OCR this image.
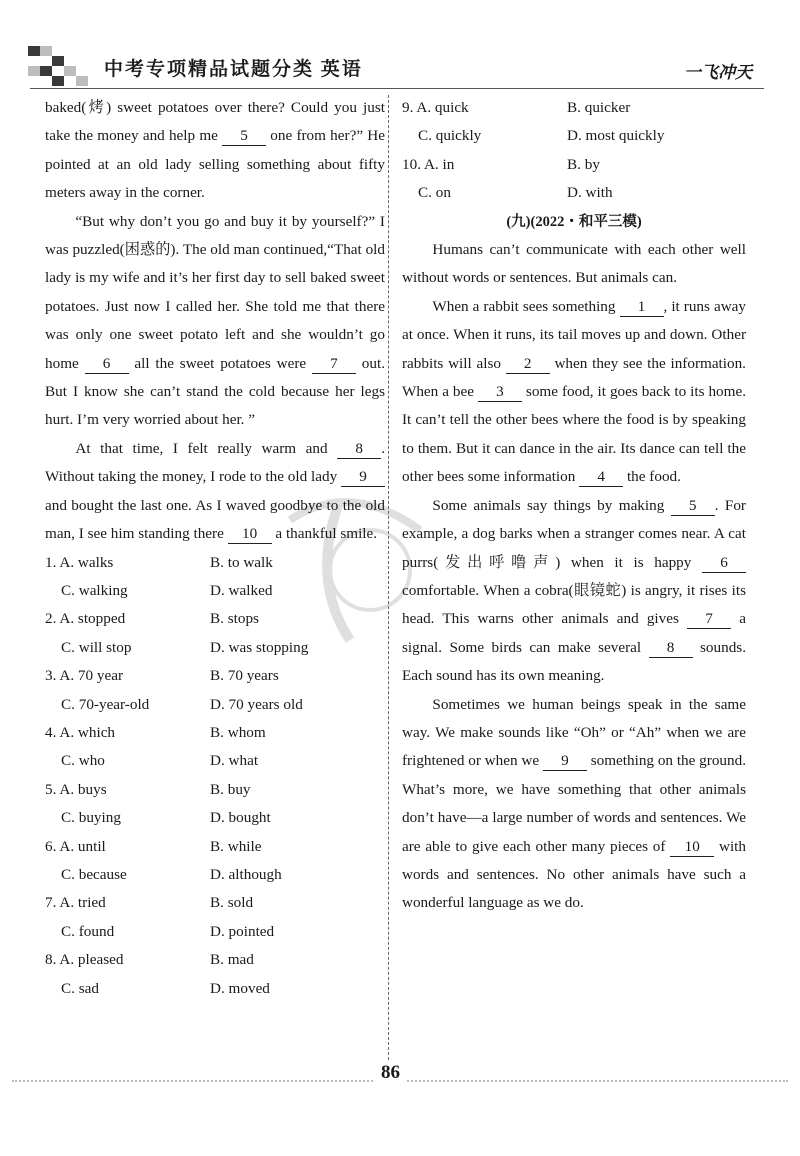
中考专项精品试题分类 英语	一飞冲天

baked(烤) sweet potatoes over there? Could you just take the money and help me 5 one from her?” He pointed at an old lady selling something about fifty meters away in the corner.

“But why don’t you go and buy it by yourself?” I was puzzled(困惑的). The old man continued,“That old lady is my wife and it’s her first day to sell baked sweet potatoes. Just now I called her. She told me that there was only one sweet potato left and she wouldn’t go home 6 all the sweet potatoes were 7 out. But I know she can’t stand the cold because her legs hurt. I’m very worried about her. ”

At that time, I felt really warm and 8 . Without taking the money, I rode to the old lady 9 and bought the last one. As I waved goodbye to the old man, I see him standing there 10 a thankful smile.

1. A. walks	B. to walk
C. walking	D. walked
2. A. stopped	B. stops
C. will stop	D. was stopping
3. A. 70 year	B. 70 years
C. 70-year-old	D. 70 years old
4. A. which	B. whom
C. who	D. what
5. A. buys	B. buy
C. buying	D. bought
6. A. until	B. while
C. because	D. although
7. A. tried	B. sold
C. found	D. pointed
8. A. pleased	B. mad
C. sad	D. moved
9. A. quick	B. quicker
C. quickly	D. most quickly
10. A. in	B. by
C. on	D. with
(九)(2022・和平三模)

Humans can’t communicate with each other well without words or sentences. But animals can.

When a rabbit sees something 1 , it runs away at once. When it runs, its tail moves up and down. Other rabbits will also 2 when they see the information. When a bee 3 some food, it goes back to its home. It can’t tell the other bees where the food is by speaking to them. But it can dance in the air. Its dance can tell the other bees some information 4 the food.

Some animals say things by making 5 . For example, a dog barks when a stranger comes near. A cat purrs(发出呼噜声) when it is happy 6 comfortable. When a cobra(眼镜蛇) is angry, it rises its head. This warns other animals and gives 7 a signal. Some birds can make several 8 sounds. Each sound has its own meaning.

Sometimes we human beings speak in the same way. We make sounds like “Oh” or “Ah” when we are frightened or when we 9 something on the ground. What’s more, we have something that other animals don’t have—a large number of words and sentences. We are able to give each other many pieces of 10 with words and sentences. No other animals have such a wonderful language as we do.

86
